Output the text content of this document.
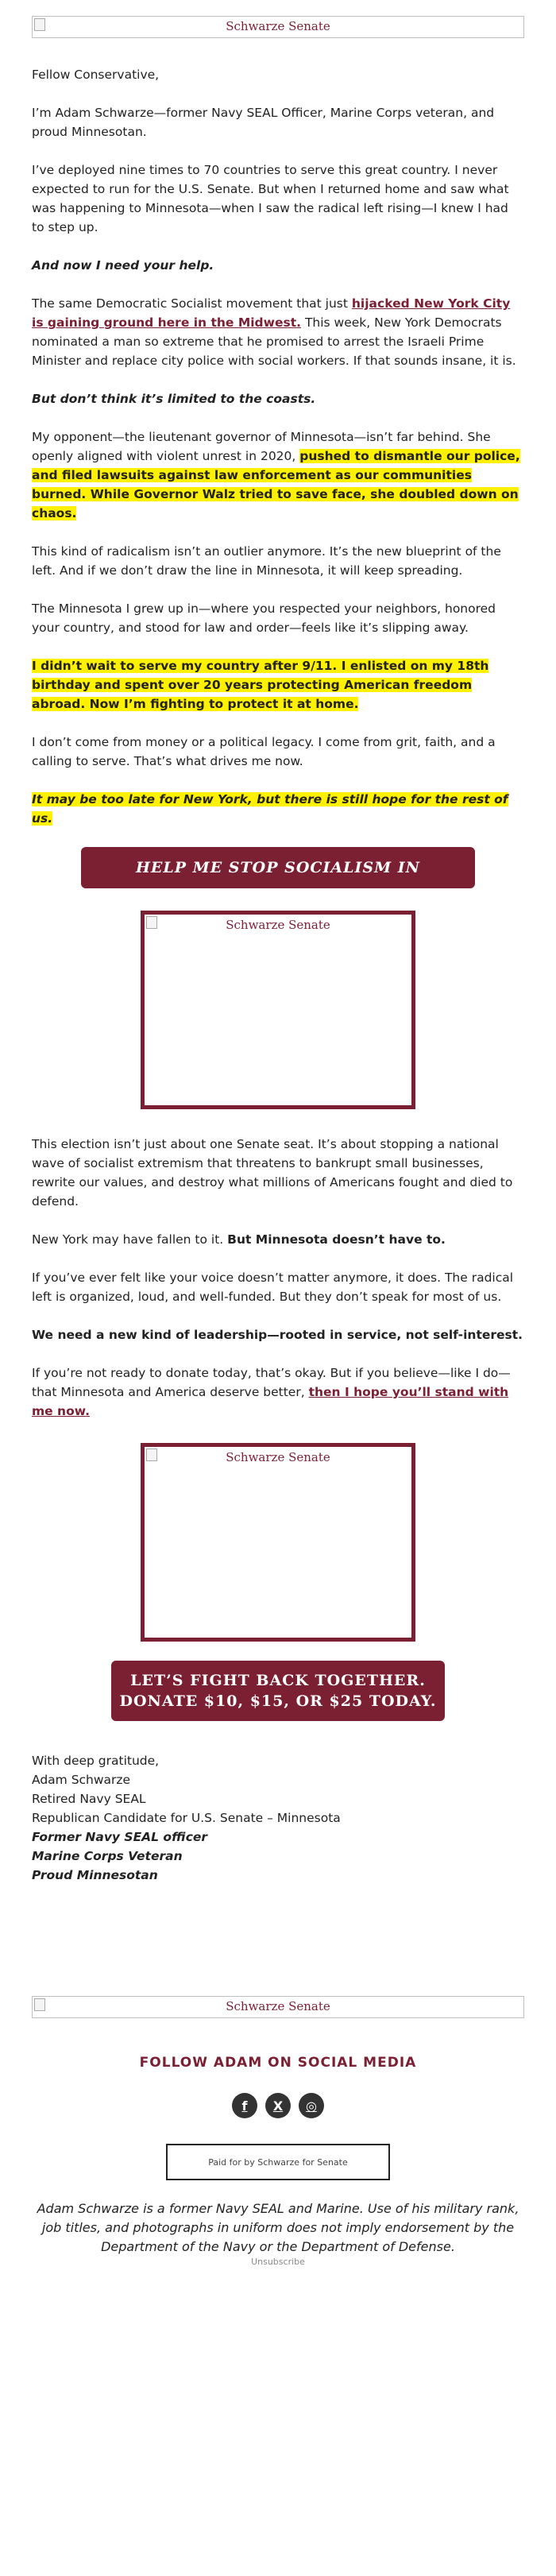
Schwarze Senate

Fellow Conservative,

I’m Adam Schwarze—former Navy SEAL Officer, Marine Corps veteran, and proud Minnesotan.

I’ve deployed nine times to 70 countries to serve this great country. I never expected to run for the U.S. Senate. But when I returned home and saw what was happening to Minnesota—when I saw the radical left rising—I knew I had to step up.

And now I need your help.

The same Democratic Socialist movement that just hijacked New York City is gaining ground here in the Midwest. This week, New York Democrats nominated a man so extreme that he promised to arrest the Israeli Prime Minister and replace city police with social workers. If that sounds insane, it is.

But don’t think it’s limited to the coasts.

My opponent—the lieutenant governor of Minnesota—isn’t far behind. She openly aligned with violent unrest in 2020, pushed to dismantle our police, and filed lawsuits against law enforcement as our communities burned. While Governor Walz tried to save face, she doubled down on chaos.

This kind of radicalism isn’t an outlier anymore. It’s the new blueprint of the left. And if we don’t draw the line in Minnesota, it will keep spreading.

The Minnesota I grew up in—where you respected your neighbors, honored your country, and stood for law and order—feels like it’s slipping away.

I didn’t wait to serve my country after 9/11. I enlisted on my 18th birthday and spent over 20 years protecting American freedom abroad. Now I’m fighting to protect it at home.

I don’t come from money or a political legacy. I come from grit, faith, and a calling to serve. That’s what drives me now.

It may be too late for New York, but there is still hope for the rest of us.

HELP ME STOP SOCIALISM IN MINNESOTA
Schwarze Senate

This election isn’t just about one Senate seat. It’s about stopping a national wave of socialist extremism that threatens to bankrupt small businesses, rewrite our values, and destroy what millions of Americans fought and died to defend.

New York may have fallen to it. But Minnesota doesn’t have to.

If you’ve ever felt like your voice doesn’t matter anymore, it does. The radical left is organized, loud, and well-funded. But they don’t speak for most of us.

We need a new kind of leadership—rooted in service, not self-interest.

If you’re not ready to donate today, that’s okay. But if you believe—like I do—that Minnesota and America deserve better, then I hope you’ll stand with me now.

Schwarze Senate
LET’S FIGHT BACK TOGETHER.
DONATE $10, $15, OR $25 TODAY.

With deep gratitude,

Adam Schwarze

Retired Navy SEAL

Republican Candidate for U.S. Senate – Minnesota

Former Navy SEAL officer

Marine Corps Veteran

Proud Minnesotan

Schwarze Senate
FOLLOW ADAM ON SOCIAL MEDIA
f	X	◎
Paid for by Schwarze for Senate
Adam Schwarze is a former Navy SEAL and Marine. Use of his military rank, job titles, and photographs in uniform does not imply endorsement by the Department of the Navy or the Department of Defense.
Unsubscribe
